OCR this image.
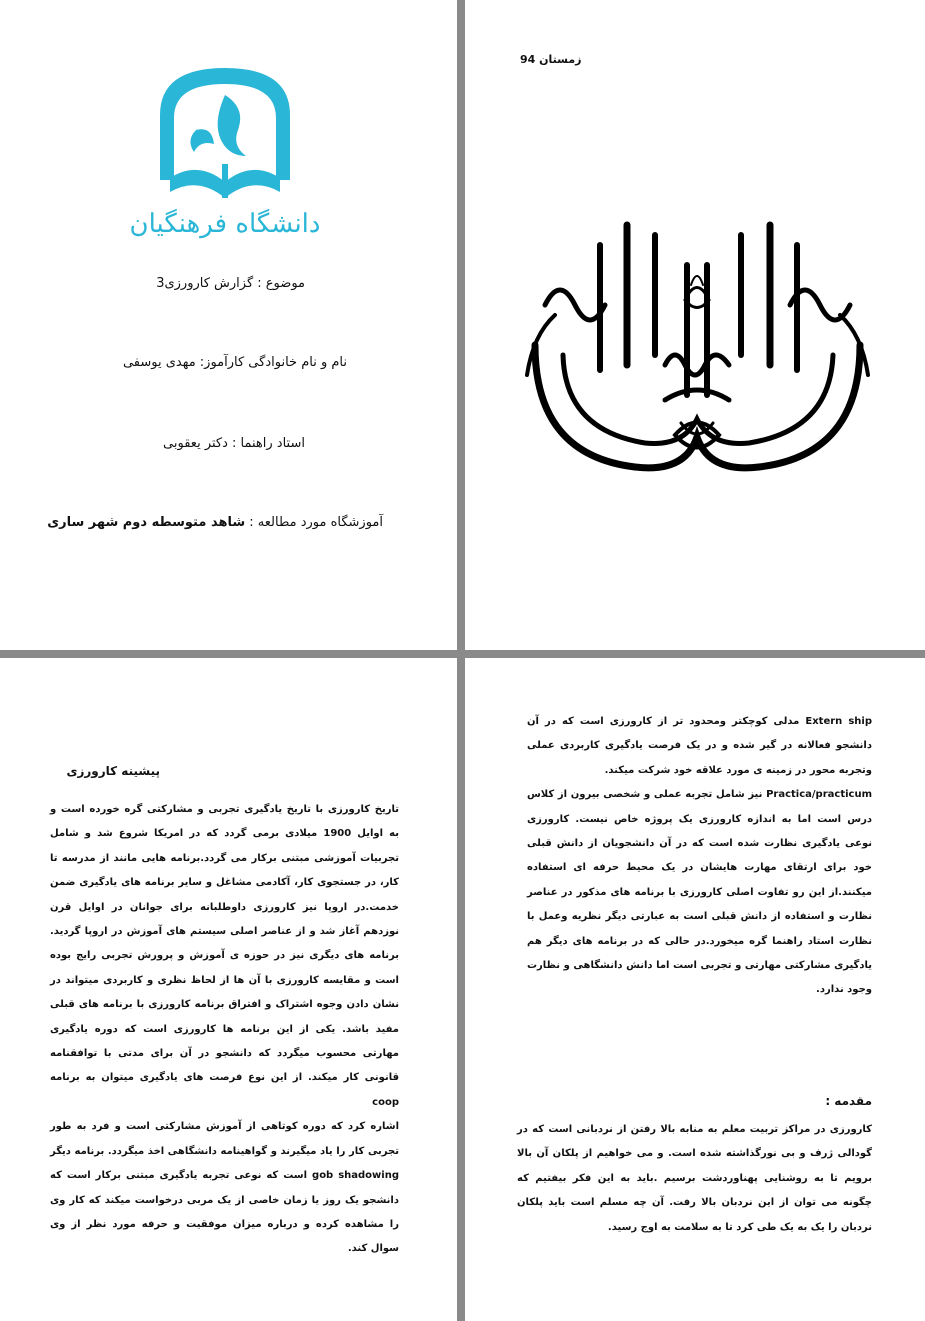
دانشگاه فرهنگیان
موضوع : گزارش کارورزی3
نام و نام خانوادگی کارآموز: مهدی یوسفی
استاد راهنما : دکتر یعقوبی
آموزشگاه مورد مطالعه : شاهد متوسطه دوم شهر ساری
زمستان 94
پیشینه کارورزی

تاریخ کارورزی با تاریخ یادگیری تجربی و مشارکتی گره خورده است و به اوایل 1900 میلادی برمی گردد که در امریکا شروع شد و شامل تجربیات آموزشی مبتنی برکار می گردد.برنامه هایی مانند از مدرسه تا کار، در جستجوی کار، آکادمی مشاغل و سایر برنامه های یادگیری ضمن خدمت.در اروپا نیز کارورزی داوطلبانه برای جوانان در اوایل قرن نوزدهم آغاز شد و از عناصر اصلی سیستم های آموزش در اروپا گردید. برنامه های دیگری نیز در حوزه ی آموزش و پرورش تجربی رایج بوده است و مقایسه کارورزی با آن ها از لحاظ نظری و کاربردی میتواند در نشان دادن وجوه اشتراک و افتراق برنامه کارورزی با برنامه های قبلی مفید باشد. یکی از این برنامه ها کارورزی است که دوره یادگیری مهارتی محسوب میگردد که دانشجو در آن برای مدتی با توافقنامه قانونی کار میکند. از این نوع فرصت های یادگیری میتوان به برنامه coop

اشاره کرد که دوره کوتاهی از آموزش مشارکتی است و فرد به طور تجربی کار را یاد میگیرند و گواهینامه دانشگاهی اخذ میگردد. برنامه دیگر gob shadowing است که نوعی تجربه یادگیری مبتنی برکار است که دانشجو یک روز یا زمان خاصی از یک مربی درخواست میکند که کار وی را مشاهده کرده و درباره میزان موفقیت و حرفه مورد نظر از وی سوال کند.

Extern ship مدلی کوچکتر ومحدود تر از کارورزی است که در آن دانشجو فعالانه در گیر شده و در یک فرصت یادگیری کاربردی عملی وتجربه محور در زمینه ی مورد علاقه خود شرکت میکند.

Practica/practicum نیز شامل تجربه عملی و شخصی بیرون از کلاس درس است اما به اندازه کارورزی یک پروژه خاص نیست. کارورزی نوعی یادگیری نظارت شده است که در آن دانشجویان از دانش قبلی خود برای ارتقای مهارت هایشان در یک محیط حرفه ای استفاده میکنند.از این رو تفاوت اصلی کارورزی با برنامه های مذکور در عناصر نظارت و استفاده از دانش قبلی است به عبارتی دیگر نظریه وعمل با نظارت استاد راهنما گره میخورد.در حالی که در برنامه های دیگر هم یادگیری مشارکتی مهارتی و تجربی است اما دانش دانشگاهی و نظارت وجود ندارد.

مقدمه :

کارورزی در مراکز تربیت معلم به منابه بالا رفتن از نردبانی است که در گودالی ژرف و بی نورگذاشته شده است. و می خواهیم از پلکان آن بالا برویم تا به روشنایی پهناوردشت برسیم .باید به این فکر بیفتیم که چگونه می توان از این نردبان بالا رفت. آن چه مسلم است باید پلکان نردبان را یک به یک طی کرد تا به سلامت به اوج رسید.
